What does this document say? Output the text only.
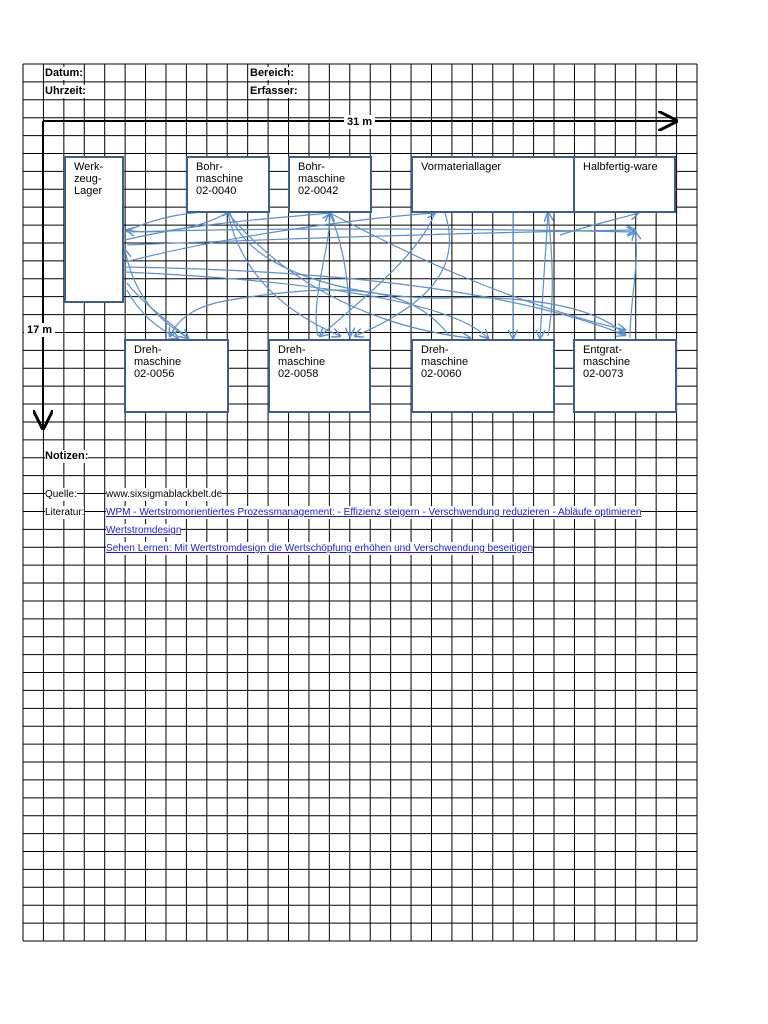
Datum:
Uhrzeit:
Bereich:
Erfasser:
31 m
17 m
Werk-
zeug-
Lager
Bohr-
maschine
02-0040
Bohr-
maschine
02-0042
Vormateriallager	Halbfertig-ware
Dreh-
maschine
02-0056
Dreh-
maschine
02-0058
Dreh-
maschine
02-0060
Entgrat-
maschine
02-0073
Notizen:
Quelle:	www.sixsigmablackbelt.de
Literatur: WPM - Wertstromorientiertes Prozessmanagement: - Effizienz steigern - Verschwendung reduzieren - Abläufe optimieren
Wertstromdesign
Sehen Lernen: Mit Wertstromdesign die Wertschöpfung erhöhen und Verschwendung beseitigen
